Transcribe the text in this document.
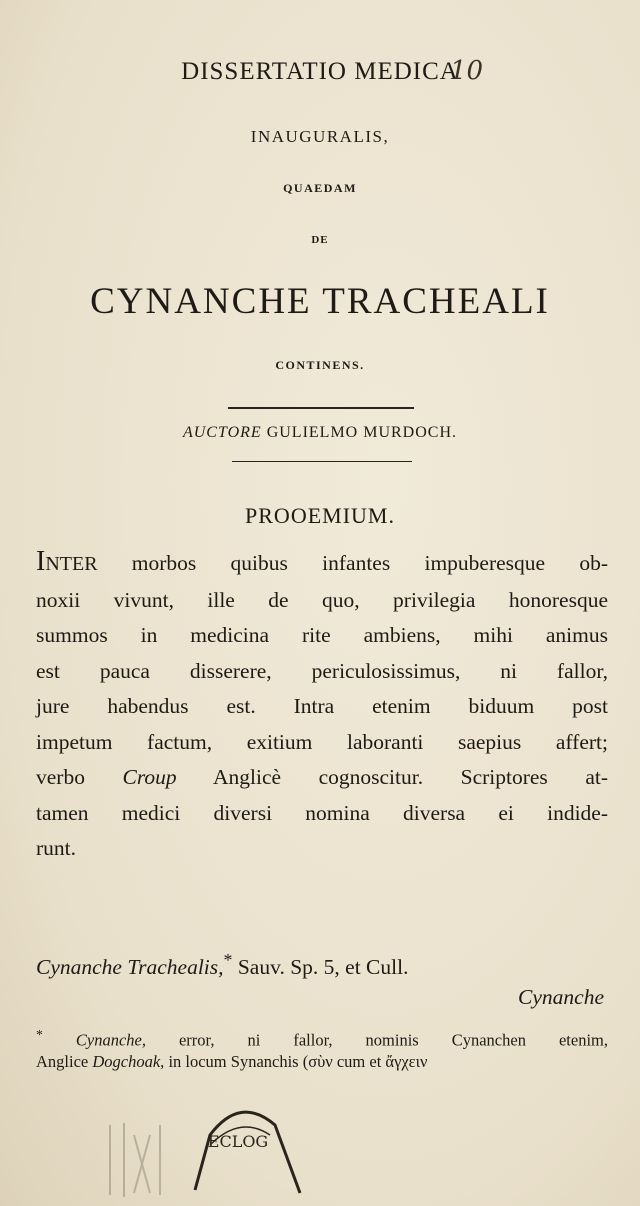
DISSERTATIO MEDICA
10
INAUGURALIS,
QUAEDAM
DE
CYNANCHE TRACHEALI
CONTINENS.
AUCTORE GULIELMO MURDOCH.
PROOEMIUM.
INTER morbos quibus infantes impuberesque ob-
noxii vivunt, ille de quo, privilegia honoresque
summos in medicina rite ambiens, mihi animus
est pauca disserere, periculosissimus, ni fallor,
jure habendus est. Intra etenim biduum post
impetum factum, exitium laboranti saepius affert;
verbo Croup Anglicè cognoscitur. Scriptores at-
tamen medici diversi nomina diversa ei indide-
runt.
Cynanche Trachealis,* Sauv. Sp. 5, et Cull.
Cynanche
* Cynanche, error, ni fallor, nominis Cynanchen etenim,
Anglice Dogchoak, in locum Synanchis (σὺν cum et ἄγχειν
ECLOG
